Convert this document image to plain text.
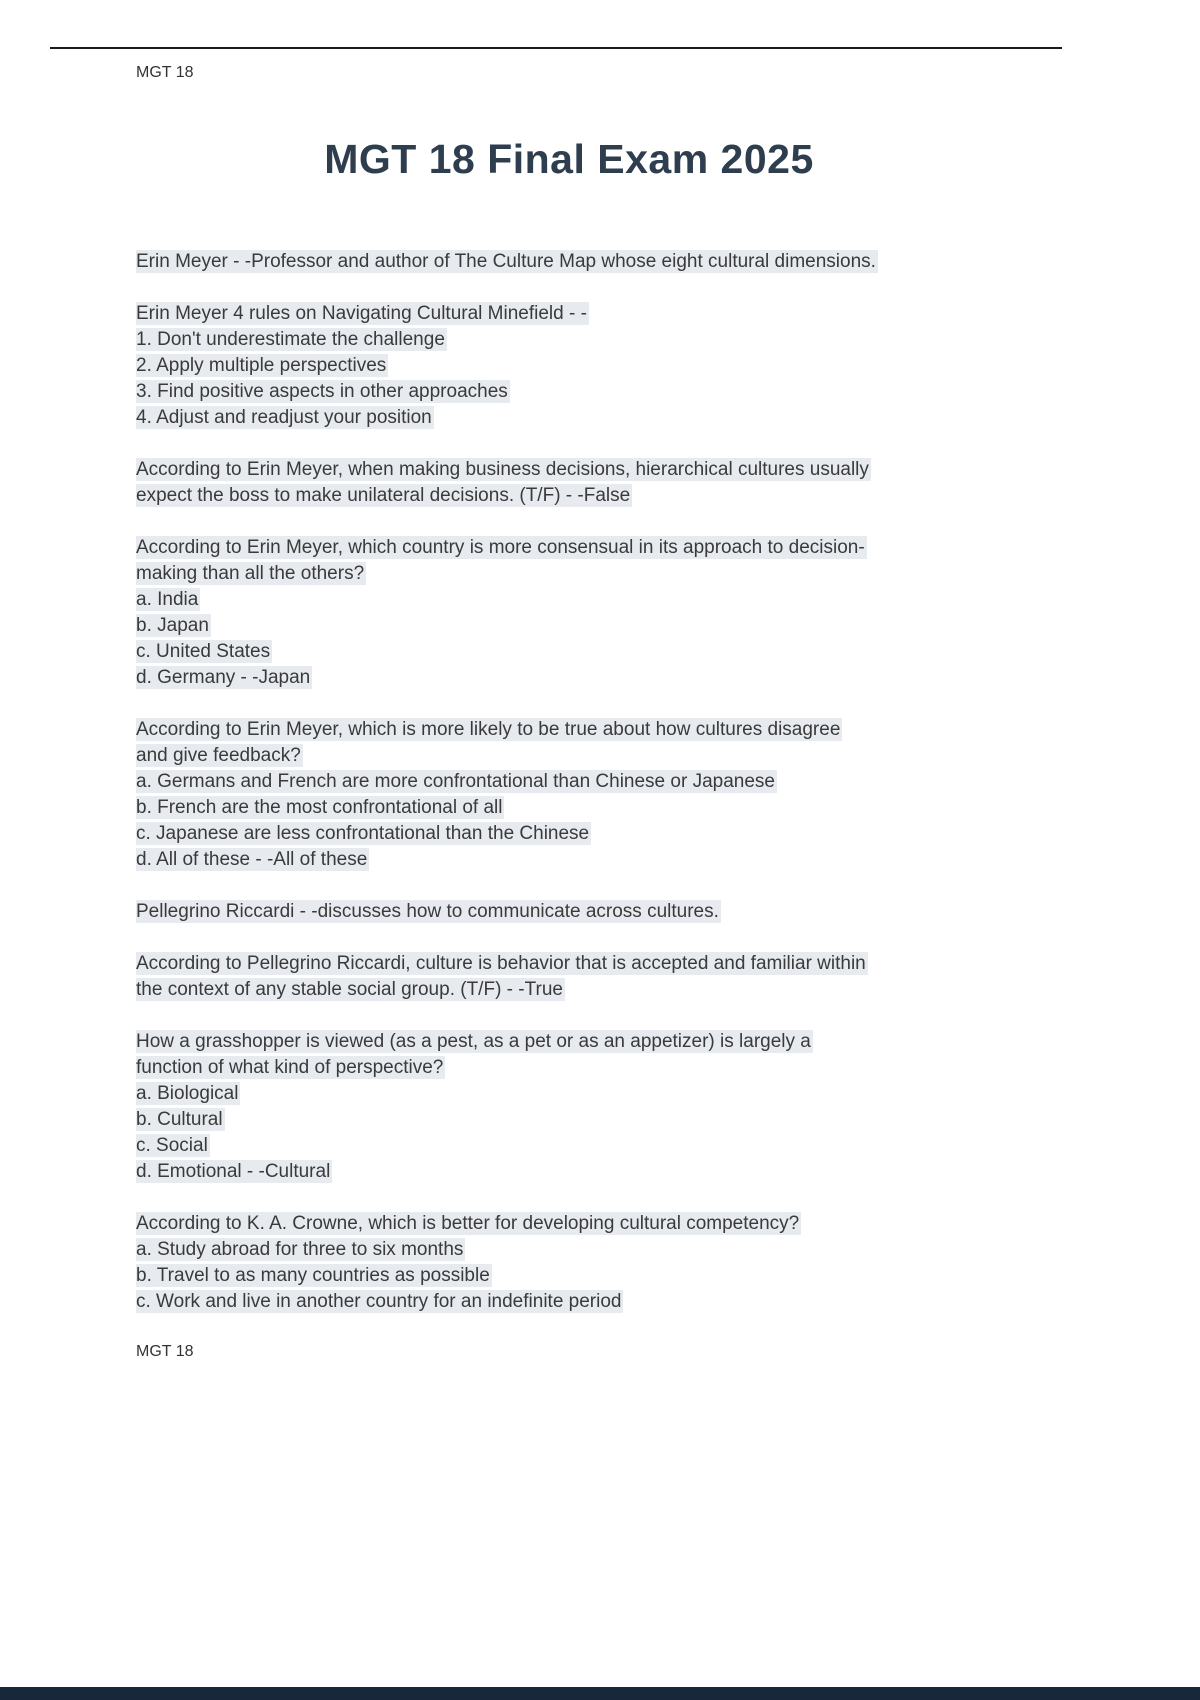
MGT 18
MGT 18 Final Exam 2025
Erin Meyer - -Professor and author of The Culture Map whose eight cultural dimensions.
Erin Meyer 4 rules on Navigating Cultural Minefield - -
1. Don't underestimate the challenge
2. Apply multiple perspectives
3. Find positive aspects in other approaches
4. Adjust and readjust your position
According to Erin Meyer, when making business decisions, hierarchical cultures usually
expect the boss to make unilateral decisions. (T/F) - -False
According to Erin Meyer, which country is more consensual in its approach to decision-
making than all the others?
a. India
b. Japan
c. United States
d. Germany - -Japan
According to Erin Meyer, which is more likely to be true about how cultures disagree
and give feedback?
a. Germans and French are more confrontational than Chinese or Japanese
b. French are the most confrontational of all
c. Japanese are less confrontational than the Chinese
d. All of these - -All of these
Pellegrino Riccardi - -discusses how to communicate across cultures.
According to Pellegrino Riccardi, culture is behavior that is accepted and familiar within
the context of any stable social group. (T/F) - -True
How a grasshopper is viewed (as a pest, as a pet or as an appetizer) is largely a
function of what kind of perspective?
a. Biological
b. Cultural
c. Social
d. Emotional - -Cultural
According to K. A. Crowne, which is better for developing cultural competency?
a. Study abroad for three to six months
b. Travel to as many countries as possible
c. Work and live in another country for an indefinite period
MGT 18
